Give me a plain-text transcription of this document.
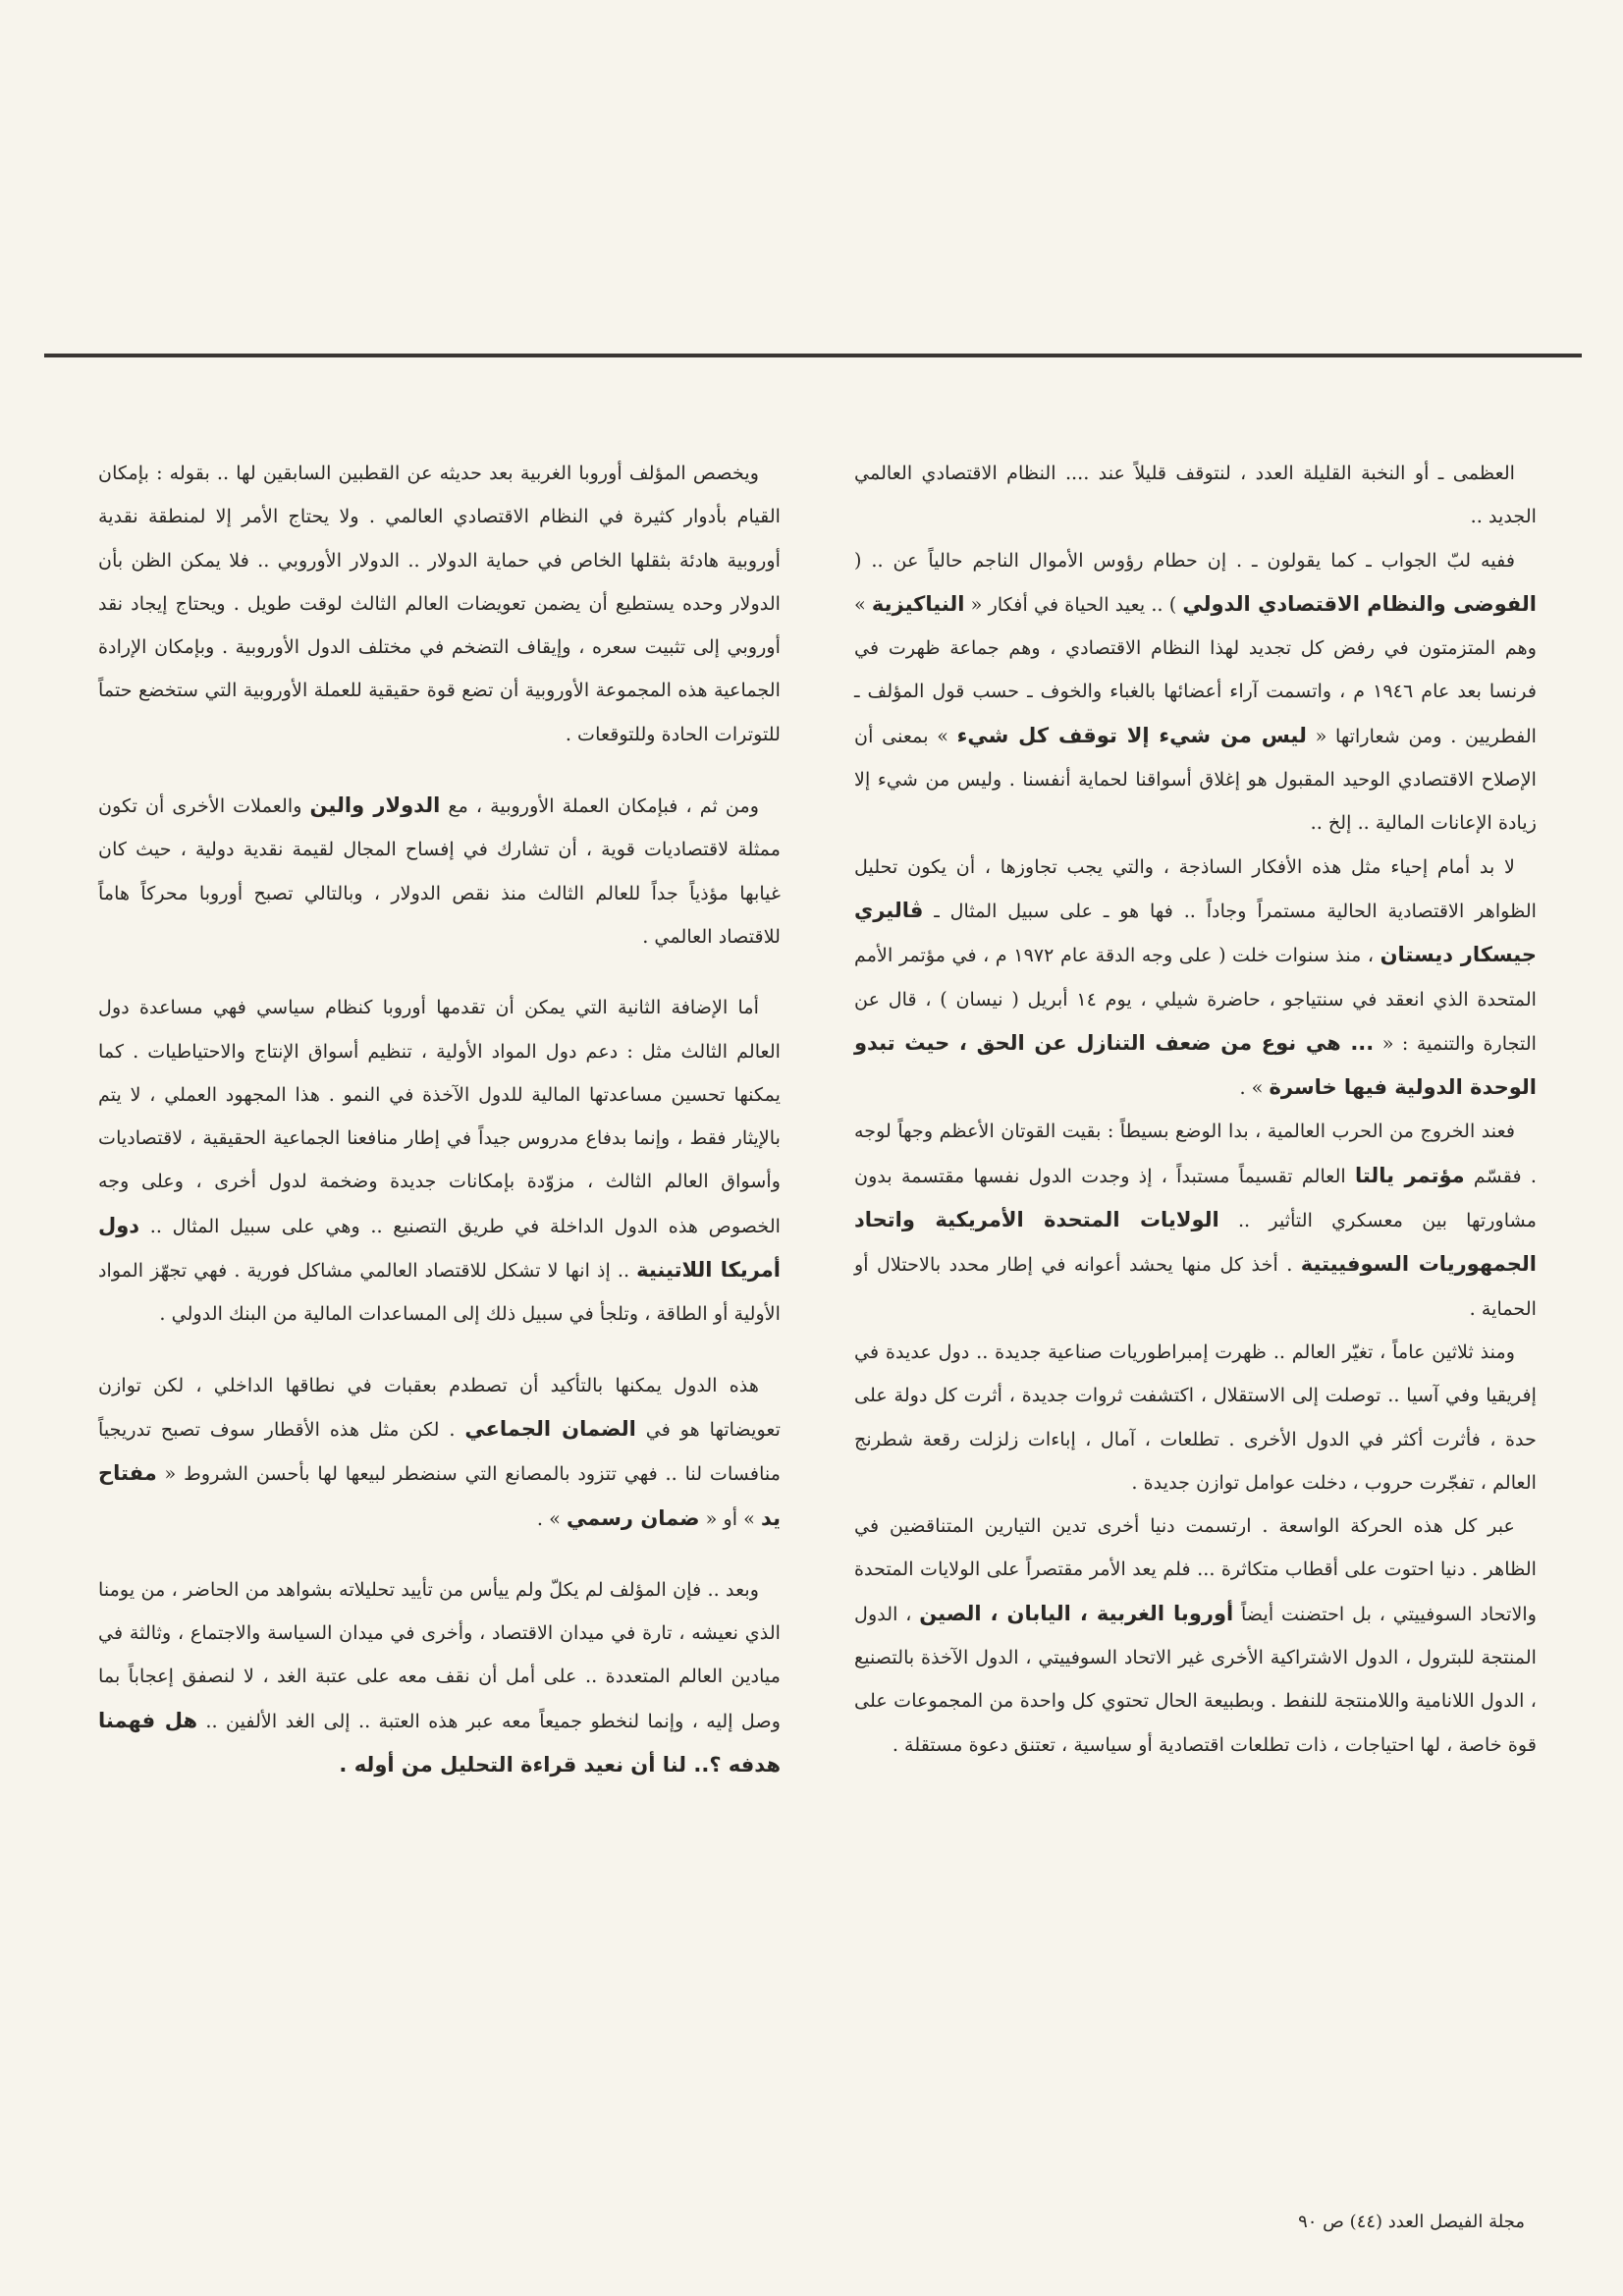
العظمى ـ أو النخبة القليلة العدد ، لنتوقف قليلاً عند .... النظام الاقتصادي العالمي الجديد ..

ففيه لبّ الجواب ـ كما يقولون ـ . إن حطام رؤوس الأموال الناجم حالياً عن .. ( الفوضى والنظام الاقتصادي الدولي ) .. يعيد الحياة في أفكار « النياكيزية » وهم المتزمتون في رفض كل تجديد لهذا النظام الاقتصادي ، وهم جماعة ظهرت في فرنسا بعد عام ١٩٤٦ م ، واتسمت آراء أعضائها بالغباء والخوف ـ حسب قول المؤلف ـ الفطريين . ومن شعاراتها « ليس من شيء إلا توقف كل شيء » بمعنى أن الإصلاح الاقتصادي الوحيد المقبول هو إغلاق أسواقنا لحماية أنفسنا . وليس من شيء إلا زيادة الإعانات المالية .. إلخ ..

لا بد أمام إحياء مثل هذه الأفكار الساذجة ، والتي يجب تجاوزها ، أن يكون تحليل الظواهر الاقتصادية الحالية مستمراً وجاداً .. فها هو ـ على سبيل المثال ـ ڤاليري جيسكار ديستان ، منذ سنوات خلت ( على وجه الدقة عام ١٩٧٢ م ، في مؤتمر الأمم المتحدة الذي انعقد في سنتياجو ، حاضرة شيلي ، يوم ١٤ أبريل ( نيسان ) ، قال عن التجارة والتنمية : « ... هي نوع من ضعف التنازل عن الحق ، حيث تبدو الوحدة الدولية فيها خاسرة » .

فعند الخروج من الحرب العالمية ، بدا الوضع بسيطاً : بقيت القوتان الأعظم وجهاً لوجه . فقسّم مؤتمر يالتا العالم تقسيماً مستبداً ، إذ وجدت الدول نفسها مقتسمة بدون مشاورتها بين معسكري التأثير .. الولايات المتحدة الأمريكية واتحاد الجمهوريات السوفييتية . أخذ كل منها يحشد أعوانه في إطار محدد بالاحتلال أو الحماية .

ومنذ ثلاثين عاماً ، تغيّر العالم .. ظهرت إمبراطوريات صناعية جديدة .. دول عديدة في إفريقيا وفي آسيا .. توصلت إلى الاستقلال ، اكتشفت ثروات جديدة ، أثرت كل دولة على حدة ، فأثرت أكثر في الدول الأخرى . تطلعات ، آمال ، إباءات زلزلت رقعة شطرنج العالم ، تفجّرت حروب ، دخلت عوامل توازن جديدة .

عبر كل هذه الحركة الواسعة . ارتسمت دنيا أخرى تدين التيارين المتناقضين في الظاهر . دنيا احتوت على أقطاب متكاثرة ... فلم يعد الأمر مقتصراً على الولايات المتحدة والاتحاد السوفييتي ، بل احتضنت أيضاً أوروبا الغربية ، اليابان ، الصين ، الدول المنتجة للبترول ، الدول الاشتراكية الأخرى غير الاتحاد السوفييتي ، الدول الآخذة بالتصنيع ، الدول اللانامية واللامنتجة للنفط . وبطبيعة الحال تحتوي كل واحدة من المجموعات على قوة خاصة ، لها احتياجات ، ذات تطلعات اقتصادية أو سياسية ، تعتنق دعوة مستقلة .

ويخصص المؤلف أوروبا الغربية بعد حديثه عن القطبين السابقين لها .. بقوله : بإمكان القيام بأدوار كثيرة في النظام الاقتصادي العالمي . ولا يحتاج الأمر إلا لمنطقة نقدية أوروبية هادئة بثقلها الخاص في حماية الدولار .. الدولار الأوروبي .. فلا يمكن الظن بأن الدولار وحده يستطيع أن يضمن تعويضات العالم الثالث لوقت طويل . ويحتاج إيجاد نقد أوروبي إلى تثبيت سعره ، وإيقاف التضخم في مختلف الدول الأوروبية . وبإمكان الإرادة الجماعية هذه المجموعة الأوروبية أن تضع قوة حقيقية للعملة الأوروبية التي ستخضع حتماً للتوترات الحادة وللتوقعات .

ومن ثم ، فبإمكان العملة الأوروبية ، مع الدولار والين والعملات الأخرى أن تكون ممثلة لاقتصاديات قوية ، أن تشارك في إفساح المجال لقيمة نقدية دولية ، حيث كان غيابها مؤذياً جداً للعالم الثالث منذ نقص الدولار ، وبالتالي تصبح أوروبا محركاً هاماً للاقتصاد العالمي .

أما الإضافة الثانية التي يمكن أن تقدمها أوروبا كنظام سياسي فهي مساعدة دول العالم الثالث مثل : دعم دول المواد الأولية ، تنظيم أسواق الإنتاج والاحتياطيات . كما يمكنها تحسين مساعدتها المالية للدول الآخذة في النمو . هذا المجهود العملي ، لا يتم بالإيثار فقط ، وإنما بدفاع مدروس جيداً في إطار منافعنا الجماعية الحقيقية ، لاقتصاديات وأسواق العالم الثالث ، مزوّدة بإمكانات جديدة وضخمة لدول أخرى ، وعلى وجه الخصوص هذه الدول الداخلة في طريق التصنيع .. وهي على سبيل المثال .. دول أمريكا اللاتينية .. إذ انها لا تشكل للاقتصاد العالمي مشاكل فورية . فهي تجهّز المواد الأولية أو الطاقة ، وتلجأ في سبيل ذلك إلى المساعدات المالية من البنك الدولي .

هذه الدول يمكنها بالتأكيد أن تصطدم بعقبات في نطاقها الداخلي ، لكن توازن تعويضاتها هو في الضمان الجماعي . لكن مثل هذه الأقطار سوف تصبح تدريجياً منافسات لنا .. فهي تتزود بالمصانع التي سنضطر لبيعها لها بأحسن الشروط « مفتاح يد » أو « ضمان رسمي » .

وبعد .. فإن المؤلف لم يكلّ ولم ييأس من تأييد تحليلاته بشواهد من الحاضر ، من يومنا الذي نعيشه ، تارة في ميدان الاقتصاد ، وأخرى في ميدان السياسة والاجتماع ، وثالثة في ميادين العالم المتعددة .. على أمل أن نقف معه على عتبة الغد ، لا لنصفق إعجاباً بما وصل إليه ، وإنما لنخطو جميعاً معه عبر هذه العتبة .. إلى الغد الألفين .. هل فهمنا هدفه ؟.. لنا أن نعيد قراءة التحليل من أوله .

مجلة الفيصل العدد (٤٤) ص ٩٠
